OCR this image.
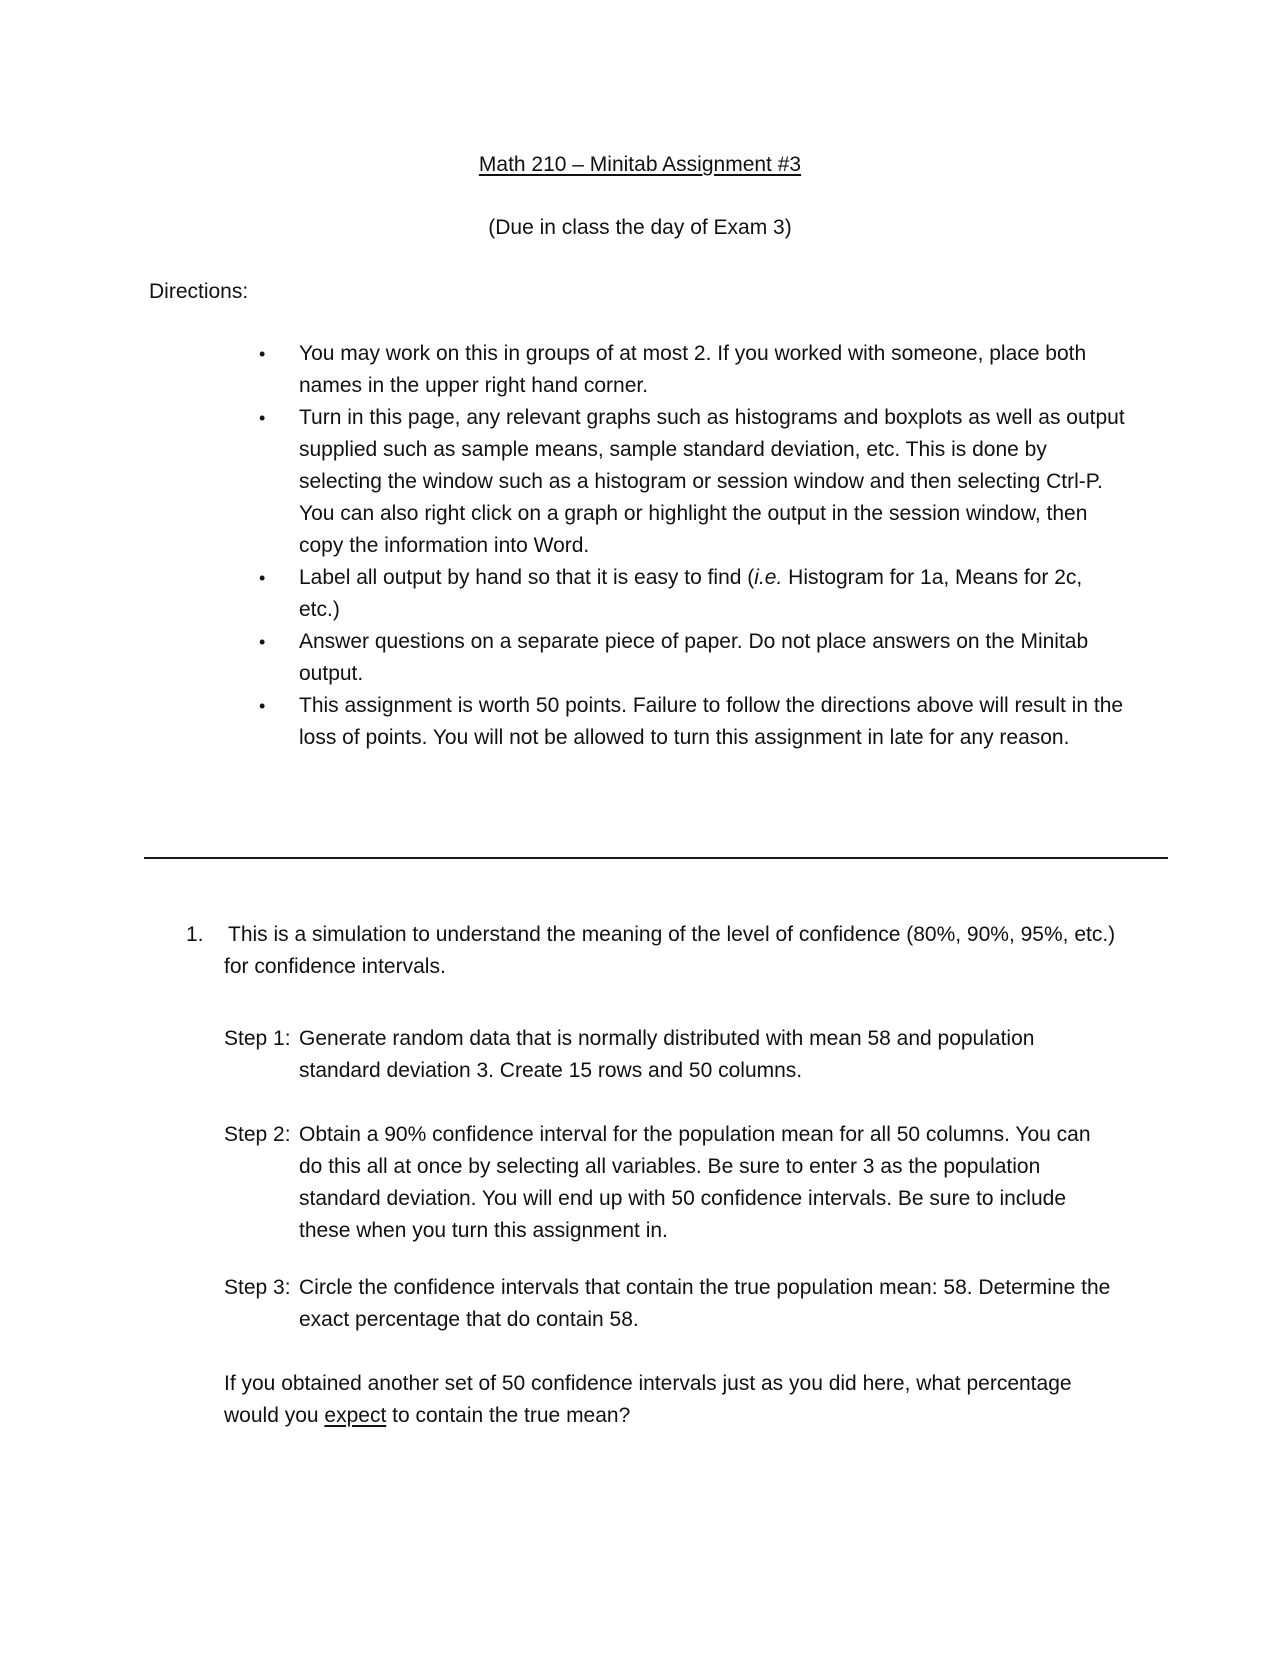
Math 210 – Minitab Assignment #3
(Due in class the day of Exam 3)
Directions:
• You may work on this in groups of at most 2. If you worked with someone, place both names in the upper right hand corner.
• Turn in this page, any relevant graphs such as histograms and boxplots as well as output supplied such as sample means, sample standard deviation, etc. This is done by selecting the window such as a histogram or session window and then selecting Ctrl-P. You can also right click on a graph or highlight the output in the session window, then copy the information into Word.
• Label all output by hand so that it is easy to find (i.e. Histogram for 1a, Means for 2c, etc.)
• Answer questions on a separate piece of paper. Do not place answers on the Minitab output.
• This assignment is worth 50 points. Failure to follow the directions above will result in the loss of points. You will not be allowed to turn this assignment in late for any reason.
1. This is a simulation to understand the meaning of the level of confidence (80%, 90%, 95%, etc.)
for confidence intervals.
Step 1: Generate random data that is normally distributed with mean 58 and population standard deviation 3. Create 15 rows and 50 columns.
Step 2: Obtain a 90% confidence interval for the population mean for all 50 columns. You can do this all at once by selecting all variables. Be sure to enter 3 as the population standard deviation. You will end up with 50 confidence intervals. Be sure to include these when you turn this assignment in.
Step 3: Circle the confidence intervals that contain the true population mean: 58. Determine the exact percentage that do contain 58.
If you obtained another set of 50 confidence intervals just as you did here, what percentage would you expect to contain the true mean?
